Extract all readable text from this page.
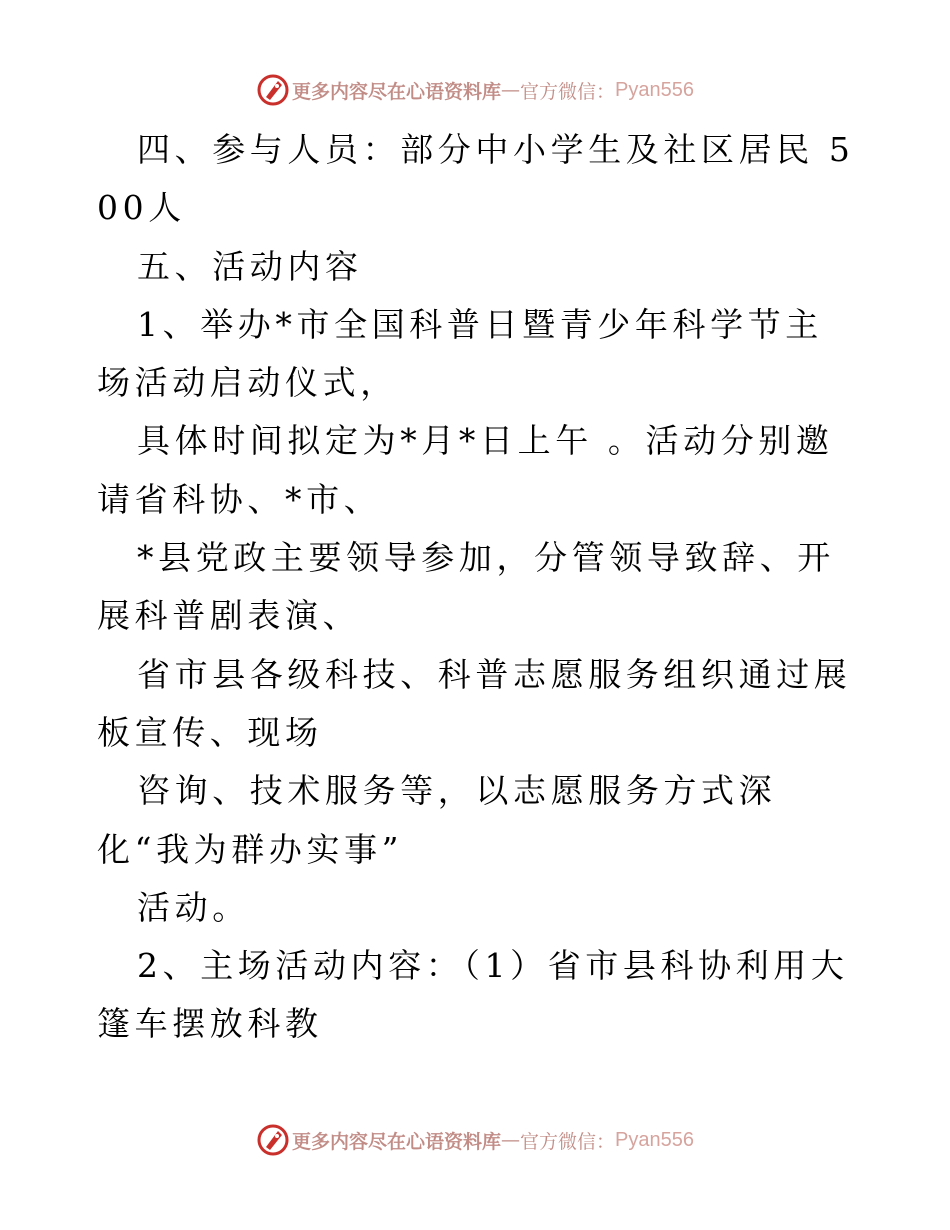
更多内容尽在心语资料库 — 官方微信： Pyan556

四、参与人员：部分中小学生及社区居民 500人

五、活动内容

1、举办*市全国科普日暨青少年科学节主场活动启动仪式，

具体时间拟定为*月*日上午 。活动分别邀请省科协、*市、

*县党政主要领导参加，分管领导致辞、开展科普剧表演、

省市县各级科技、科普志愿服务组织通过展板宣传、现场

咨询、技术服务等，以志愿服务方式深化“我为群办实事”

活动。

2、主场活动内容：（1）省市县科协利用大篷车摆放科教

更多内容尽在心语资料库 — 官方微信： Pyan556
